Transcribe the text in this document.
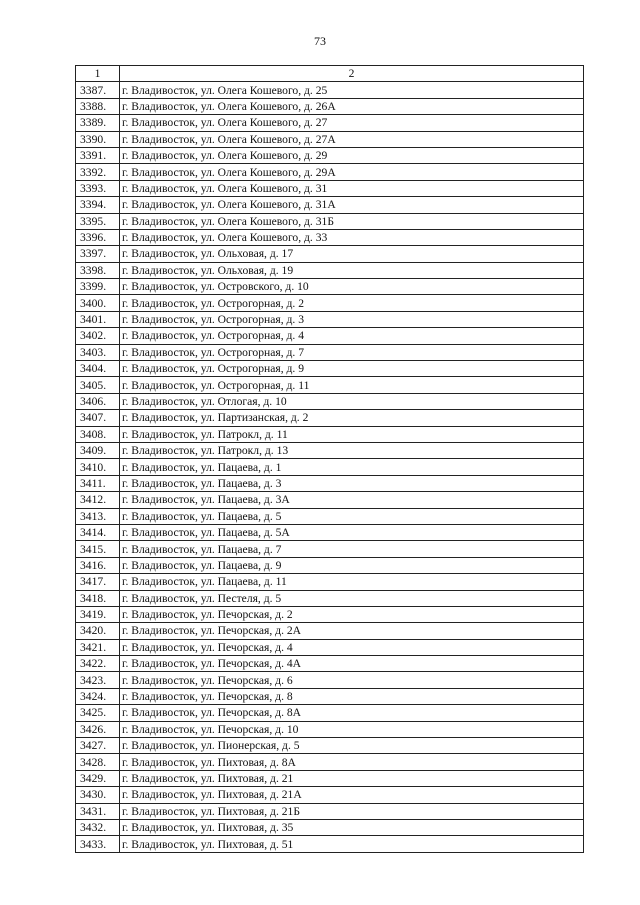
73
1	2
3387.	г. Владивосток, ул. Олега Кошевого, д. 25
3388.	г. Владивосток, ул. Олега Кошевого, д. 26А
3389.	г. Владивосток, ул. Олега Кошевого, д. 27
3390.	г. Владивосток, ул. Олега Кошевого, д. 27А
3391.	г. Владивосток, ул. Олега Кошевого, д. 29
3392.	г. Владивосток, ул. Олега Кошевого, д. 29А
3393.	г. Владивосток, ул. Олега Кошевого, д. 31
3394.	г. Владивосток, ул. Олега Кошевого, д. 31А
3395.	г. Владивосток, ул. Олега Кошевого, д. 31Б
3396.	г. Владивосток, ул. Олега Кошевого, д. 33
3397.	г. Владивосток, ул. Ольховая, д. 17
3398.	г. Владивосток, ул. Ольховая, д. 19
3399.	г. Владивосток, ул. Островского, д. 10
3400.	г. Владивосток, ул. Острогорная, д. 2
3401.	г. Владивосток, ул. Острогорная, д. 3
3402.	г. Владивосток, ул. Острогорная, д. 4
3403.	г. Владивосток, ул. Острогорная, д. 7
3404.	г. Владивосток, ул. Острогорная, д. 9
3405.	г. Владивосток, ул. Острогорная, д. 11
3406.	г. Владивосток, ул. Отлогая, д. 10
3407.	г. Владивосток, ул. Партизанская, д. 2
3408.	г. Владивосток, ул. Патрокл, д. 11
3409.	г. Владивосток, ул. Патрокл, д. 13
3410.	г. Владивосток, ул. Пацаева, д. 1
3411.	г. Владивосток, ул. Пацаева, д. 3
3412.	г. Владивосток, ул. Пацаева, д. 3А
3413.	г. Владивосток, ул. Пацаева, д. 5
3414.	г. Владивосток, ул. Пацаева, д. 5А
3415.	г. Владивосток, ул. Пацаева, д. 7
3416.	г. Владивосток, ул. Пацаева, д. 9
3417.	г. Владивосток, ул. Пацаева, д. 11
3418.	г. Владивосток, ул. Пестеля, д. 5
3419.	г. Владивосток, ул. Печорская, д. 2
3420.	г. Владивосток, ул. Печорская, д. 2А
3421.	г. Владивосток, ул. Печорская, д. 4
3422.	г. Владивосток, ул. Печорская, д. 4А
3423.	г. Владивосток, ул. Печорская, д. 6
3424.	г. Владивосток, ул. Печорская, д. 8
3425.	г. Владивосток, ул. Печорская, д. 8А
3426.	г. Владивосток, ул. Печорская, д. 10
3427.	г. Владивосток, ул. Пионерская, д. 5
3428.	г. Владивосток, ул. Пихтовая, д. 8А
3429.	г. Владивосток, ул. Пихтовая, д. 21
3430.	г. Владивосток, ул. Пихтовая, д. 21А
3431.	г. Владивосток, ул. Пихтовая, д. 21Б
3432.	г. Владивосток, ул. Пихтовая, д. 35
3433.	г. Владивосток, ул. Пихтовая, д. 51
